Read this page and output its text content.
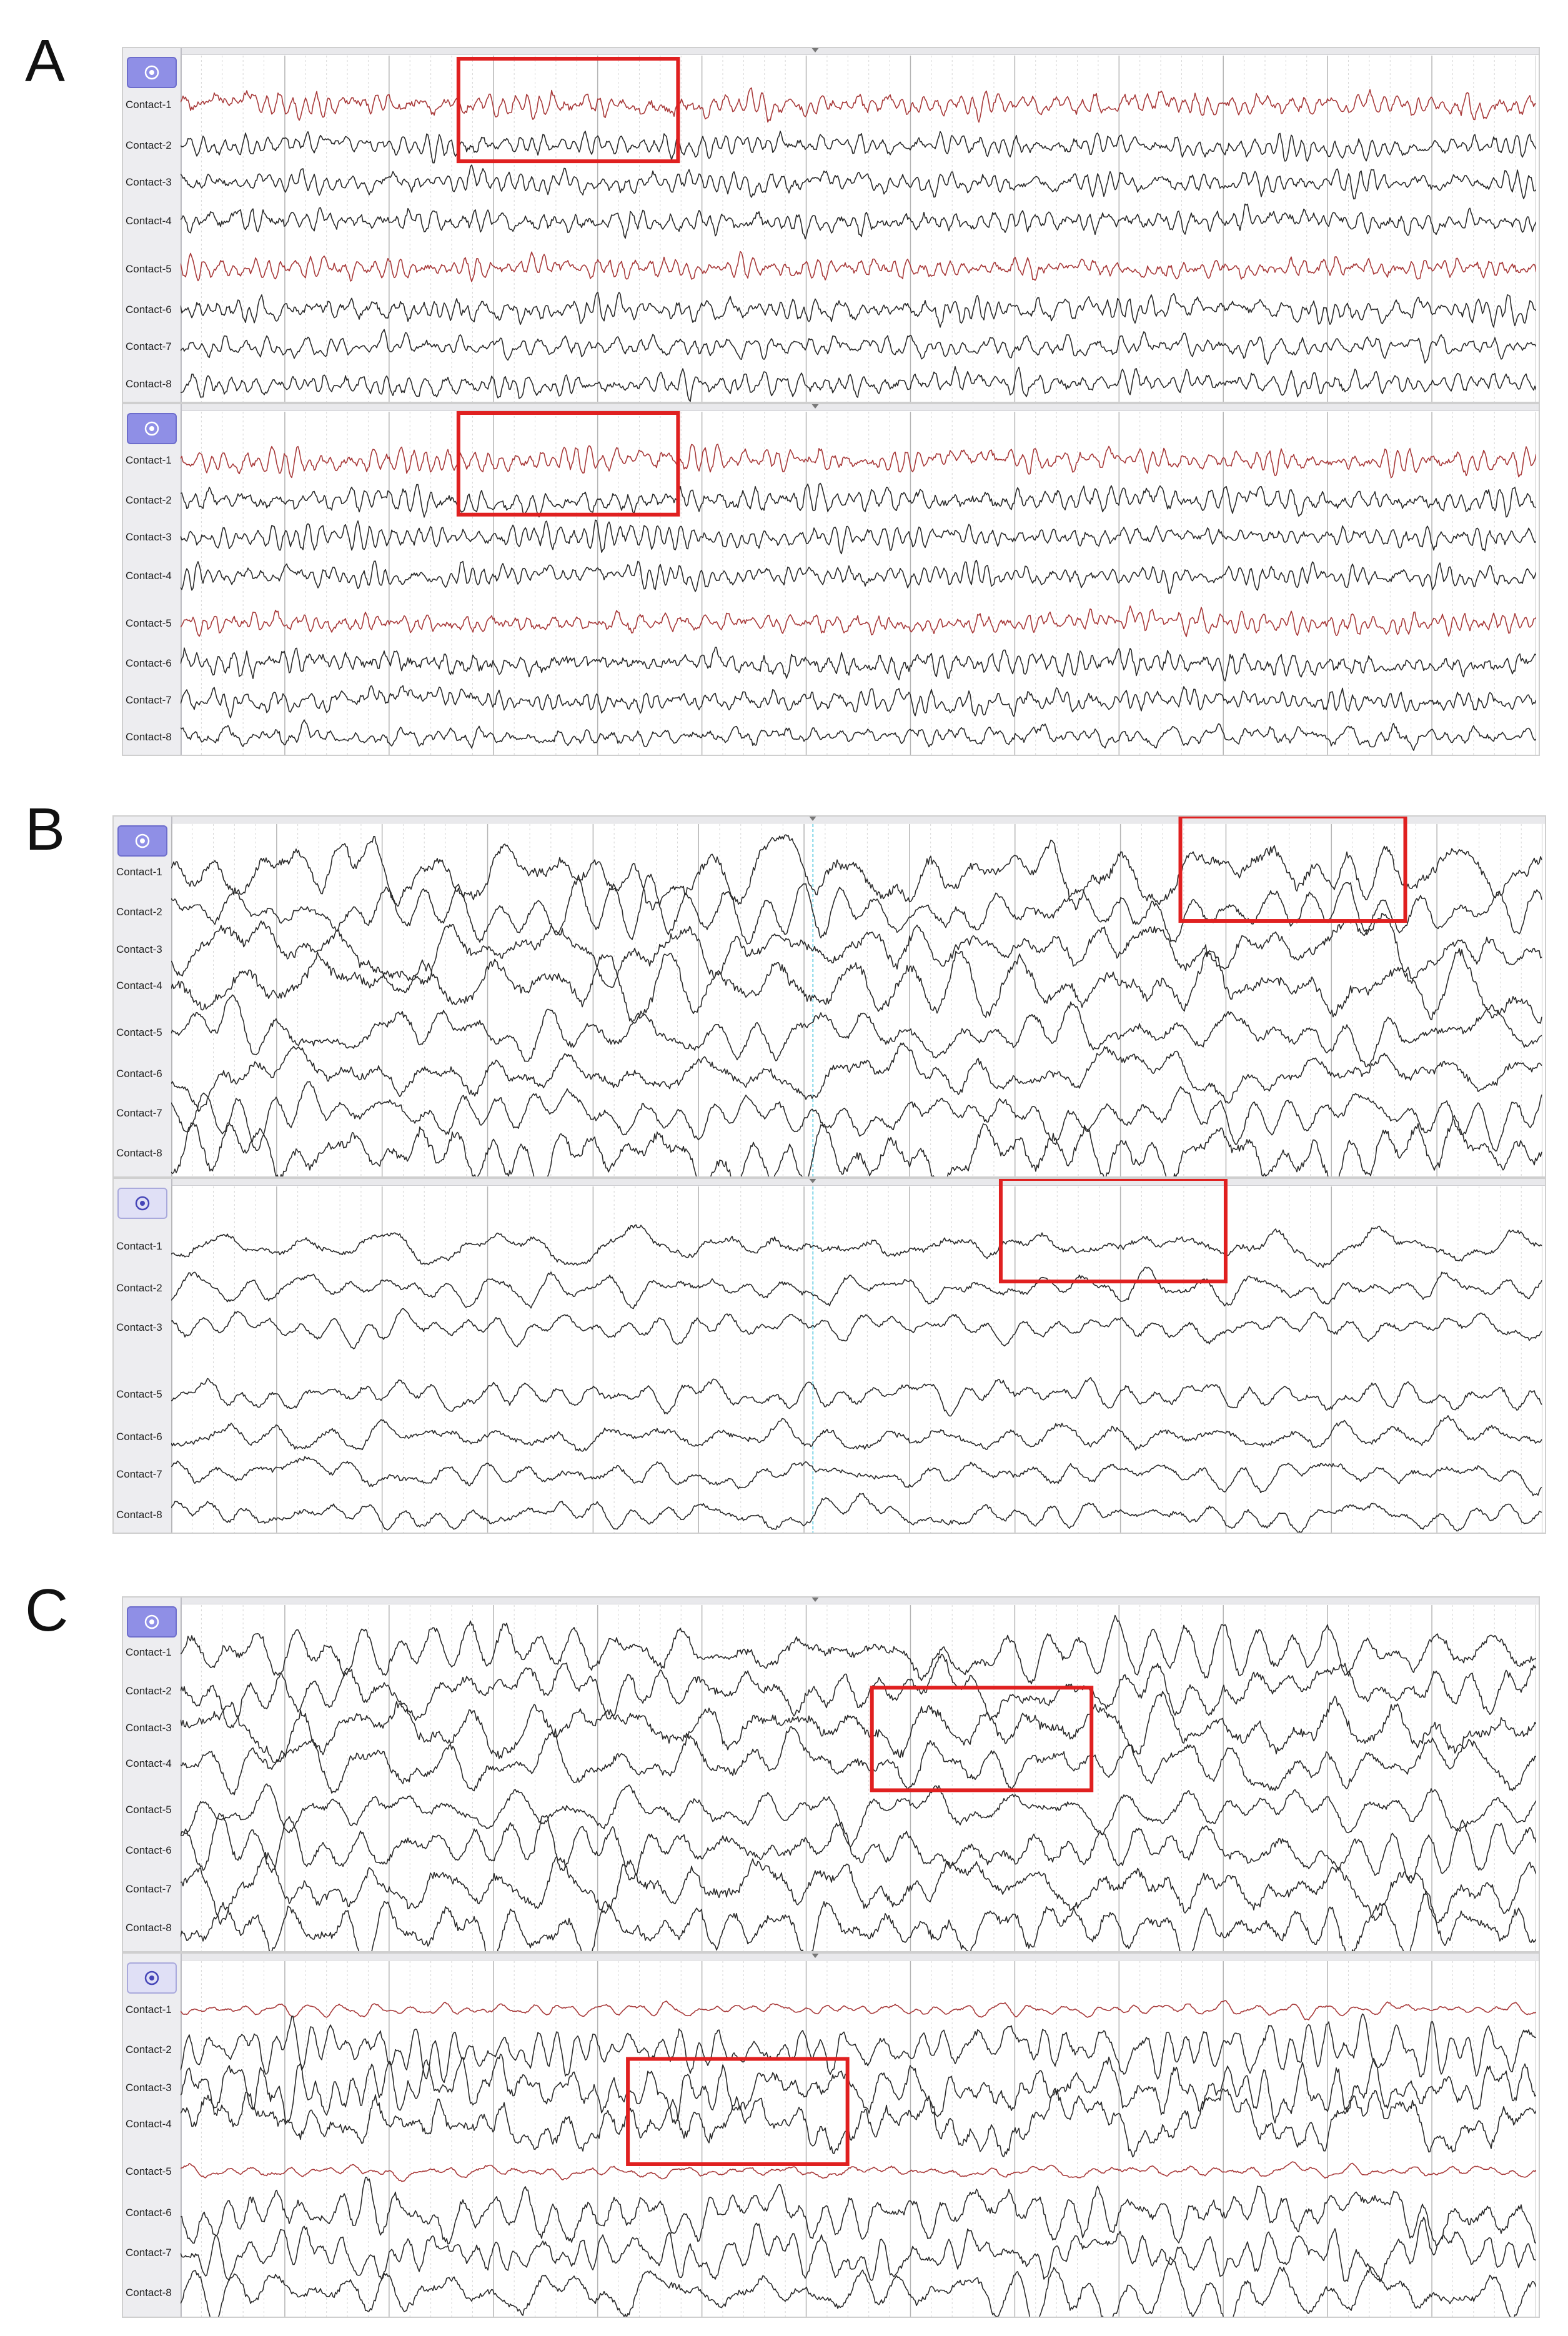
A
Contact-1
Contact-2
Contact-3
Contact-4
Contact-5
Contact-6
Contact-7
Contact-8
Contact-1
Contact-2
Contact-3
Contact-4
Contact-5
Contact-6
Contact-7
Contact-8
B
Contact-1
Contact-2
Contact-3
Contact-4
Contact-5
Contact-6
Contact-7
Contact-8
Contact-1
Contact-2
Contact-3
Contact-5
Contact-6
Contact-7
Contact-8
C
Contact-1
Contact-2
Contact-3
Contact-4
Contact-5
Contact-6
Contact-7
Contact-8
Contact-1
Contact-2
Contact-3
Contact-4
Contact-5
Contact-6
Contact-7
Contact-8
